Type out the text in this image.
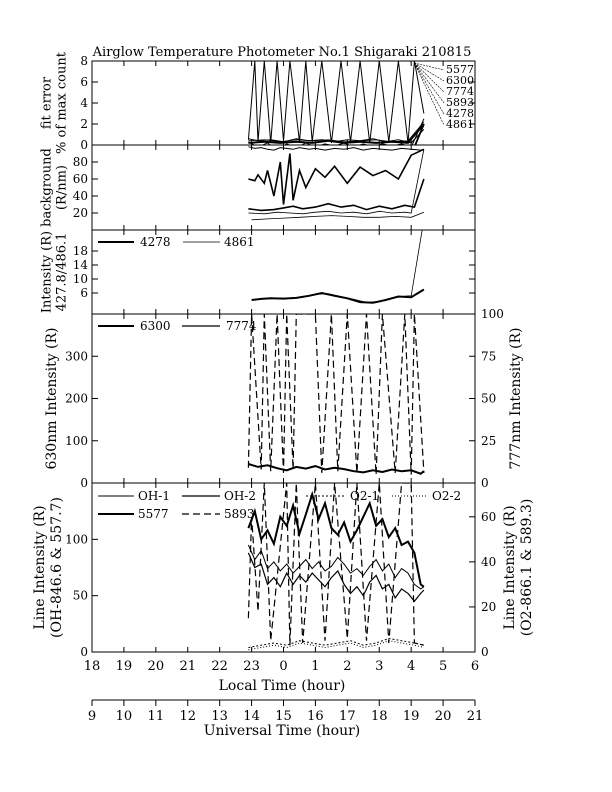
Airglow Temperature Photometer No.1 Shigaraki 210815
0
2
4
6
8
fit error % of max count	5577
6300
7774
5893
4278
4861
20
40
60
80
background (R/nm)
6
10
14
18
Intensity (R) 427.8/486.1	4278	4861
0
100
200
300
0
25
50
75
100
630nm Intensity (R)	777nm Intensity (R)
6300	7774
0
50
100
0
20
40
60
Line Intensity (R) (OH-846.6 & 557.7)	Line Intensity (R) (O2-866.1 & 589.3)
OH-1	OH-2	O2-1	O2-2
5577	5893
18 19 20 21 22 23 0 1 2 3 4 5 6
Local Time (hour)
9 10 11 12 13 14 15 16 17 18 19 20 21
Universal Time (hour)
